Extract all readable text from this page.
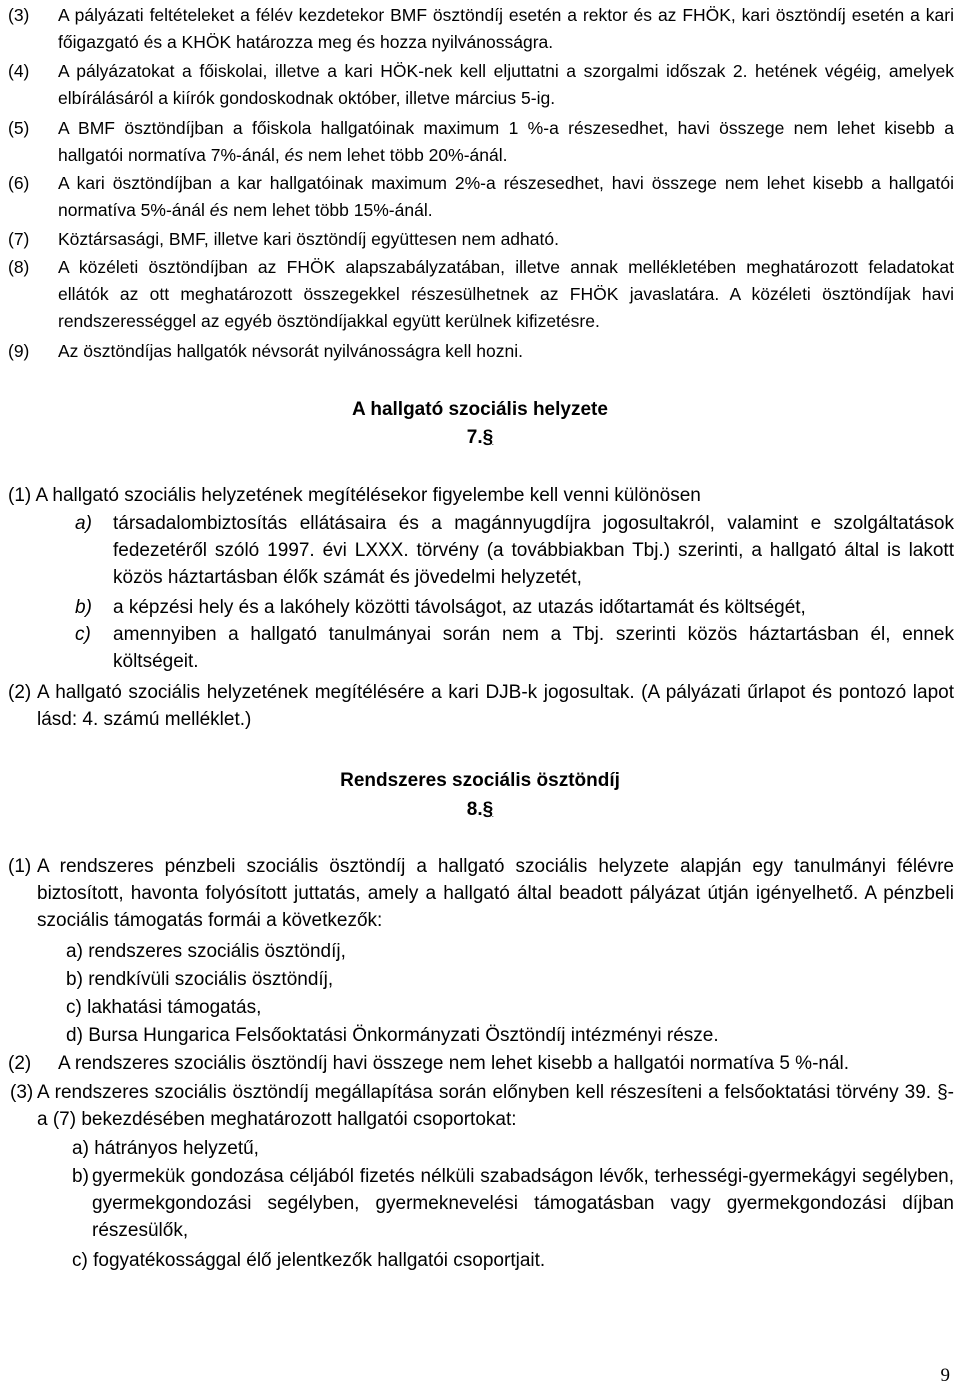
(3)	A pályázati feltételeket a félév kezdetekor BMF ösztöndíj esetén a rektor és az FHÖK, kari ösztöndíj esetén a kari főigazgató és a KHÖK határozza meg és hozza nyilvánosságra.
(4)	A pályázatokat a főiskolai, illetve a kari HÖK-nek kell eljuttatni a szorgalmi időszak 2. hetének végéig, amelyek elbírálásáról a kiírók gondoskodnak október, illetve március 5-ig.
(5)	A BMF ösztöndíjban a főiskola hallgatóinak maximum 1 %-a részesedhet, havi összege nem lehet kisebb a hallgatói normatíva 7%-ánál, és nem lehet több 20%-ánál.
(6)	A kari ösztöndíjban a kar hallgatóinak maximum 2%-a részesedhet, havi összege nem lehet kisebb a hallgatói normatíva 5%-ánál és nem lehet több 15%-ánál.
(7)	Köztársasági, BMF, illetve kari ösztöndíj együttesen nem adható.
(8)	A közéleti ösztöndíjban az FHÖK alapszabályzatában, illetve annak mellékletében meghatározott feladatokat ellátók az ott meghatározott összegekkel részesülhetnek az FHÖK javaslatára. A közéleti ösztöndíjak havi rendszerességgel az egyéb ösztöndíjakkal együtt kerülnek kifizetésre.
(9)	Az ösztöndíjas hallgatók névsorát nyilvánosságra kell hozni.
A hallgató szociális helyzete
7.§
(1) A hallgató szociális helyzetének megítélésekor figyelembe kell venni különösen
a)	társadalombiztosítás ellátásaira és a magánnyugdíjra jogosultakról, valamint e szolgáltatások fedezetéről szóló 1997. évi LXXX. törvény (a továbbiakban Tbj.) szerinti, a hallgató által is lakott közös háztartásban élők számát és jövedelmi helyzetét,
b)	a képzési hely és a lakóhely közötti távolságot, az utazás időtartamát és költségét,
c)	amennyiben a hallgató tanulmányai során nem a Tbj. szerinti közös háztartásban él, ennek költségeit.
(2) A hallgató szociális helyzetének megítélésére a kari DJB-k jogosultak. (A pályázati űrlapot és pontozó lapot lásd: 4. számú melléklet.)
Rendszeres szociális ösztöndíj
8.§
(1) A rendszeres pénzbeli szociális ösztöndíj a hallgató szociális helyzete alapján egy tanulmányi félévre biztosított, havonta folyósított juttatás, amely a hallgató által beadott pályázat útján igényelhető. A pénzbeli szociális támogatás formái a következők:
a) rendszeres szociális ösztöndíj,
b) rendkívüli szociális ösztöndíj,
c) lakhatási támogatás,
d) Bursa Hungarica Felsőoktatási Önkormányzati Ösztöndíj intézményi része.
(2)	A rendszeres szociális ösztöndíj havi összege nem lehet kisebb a hallgatói normatíva 5 %-nál.
(3) A rendszeres szociális ösztöndíj megállapítása során előnyben kell részesíteni a felsőoktatási törvény 39. §-a (7) bekezdésében meghatározott hallgatói csoportokat:
a) hátrányos helyzetű,
b) gyermekük gondozása céljából fizetés nélküli szabadságon lévők, terhességi-gyermekágyi segélyben, gyermekgondozási segélyben, gyermeknevelési támogatásban vagy gyermekgondozási díjban részesülők,
c) fogyatékossággal élő jelentkezők hallgatói csoportjait.
9
